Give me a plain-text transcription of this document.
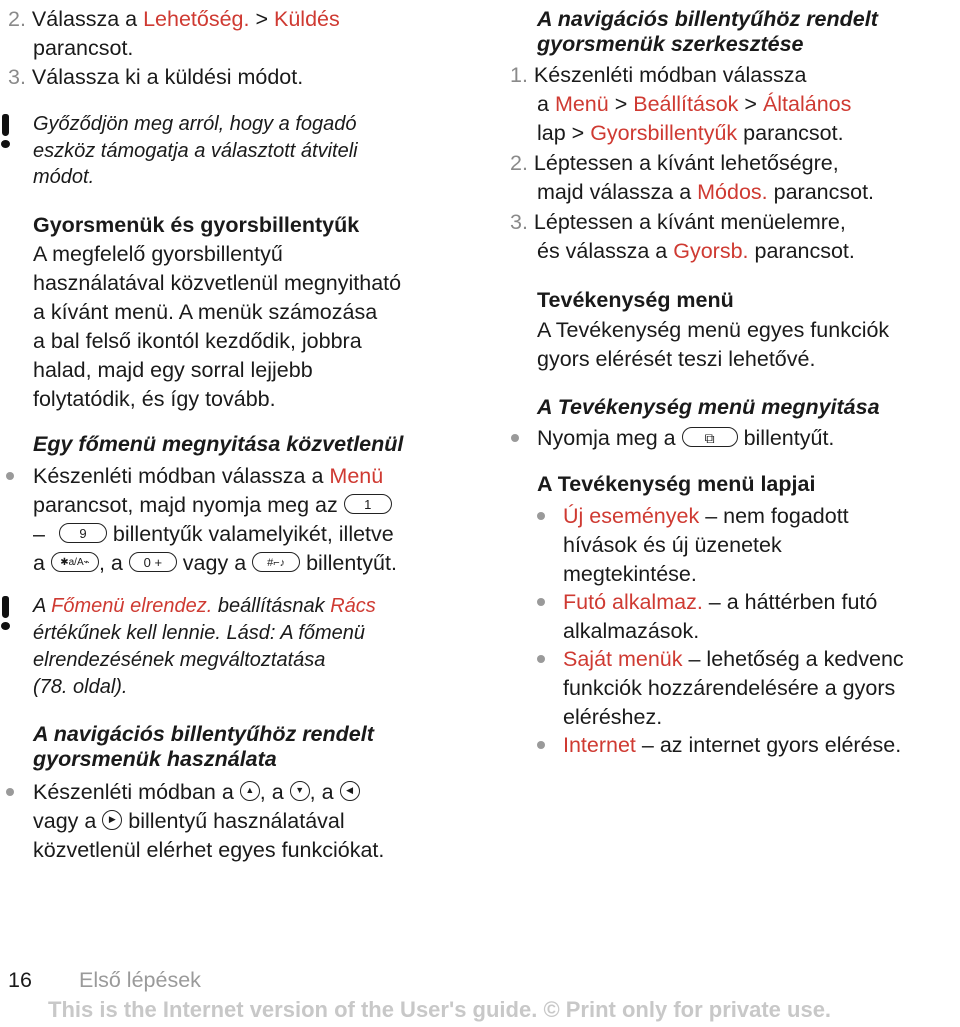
2. Válassza a Lehetőség. > Küldés
parancsot.
3. Válassza ki a küldési módot.
Győződjön meg arról, hogy a fogadó
eszköz támogatja a választott átviteli
módot.
Gyorsmenük és gyorsbillentyűk
A megfelelő gyorsbillentyű
használatával közvetlenül megnyitható
a kívánt menü. A menük számozása
a bal felső ikontól kezdődik, jobbra
halad, majd egy sorral lejjebb
folytatódik, és így tovább.
Egy főmenü megnyitása közvetlenül
Készenléti módban válassza a Menü
parancsot, majd nyomja meg az 1
–	9 billentyűk valamelyikét, illetve
a ✱a/A⌁ , a 0 + vagy a #⌐♪ billentyűt.
A Főmenü elrendez. beállításnak Rács
értékűnek kell lennie. Lásd: A főmenü
elrendezésének megváltoztatása
(78. oldal).
A navigációs billentyűhöz rendelt
gyorsmenük használata
Készenléti módban a ▲ , a ▼ , a ◀
vagy a ▶ billentyű használatával
közvetlenül elérhet egyes funkciókat.
A navigációs billentyűhöz rendelt
gyorsmenük szerkesztése
1. Készenléti módban válassza
a Menü > Beállítások > Általános
lap > Gyorsbillentyűk parancsot.
2. Léptessen a kívánt lehetőségre,
majd válassza a Módos. parancsot.
3. Léptessen a kívánt menüelemre,
és válassza a Gyorsb. parancsot.
Tevékenység menü
A Tevékenység menü egyes funkciók
gyors elérését teszi lehetővé.
A Tevékenység menü megnyitása
Nyomja meg a ⧉ billentyűt.
A Tevékenység menü lapjai
Új események – nem fogadott
hívások és új üzenetek
megtekintése.
Futó alkalmaz. – a háttérben futó
alkalmazások.
Saját menük – lehetőség a kedvenc
funkciók hozzárendelésére a gyors
eléréshez.
Internet – az internet gyors elérése.
16 Első lépések
This is the Internet version of the User's guide. © Print only for private use.
